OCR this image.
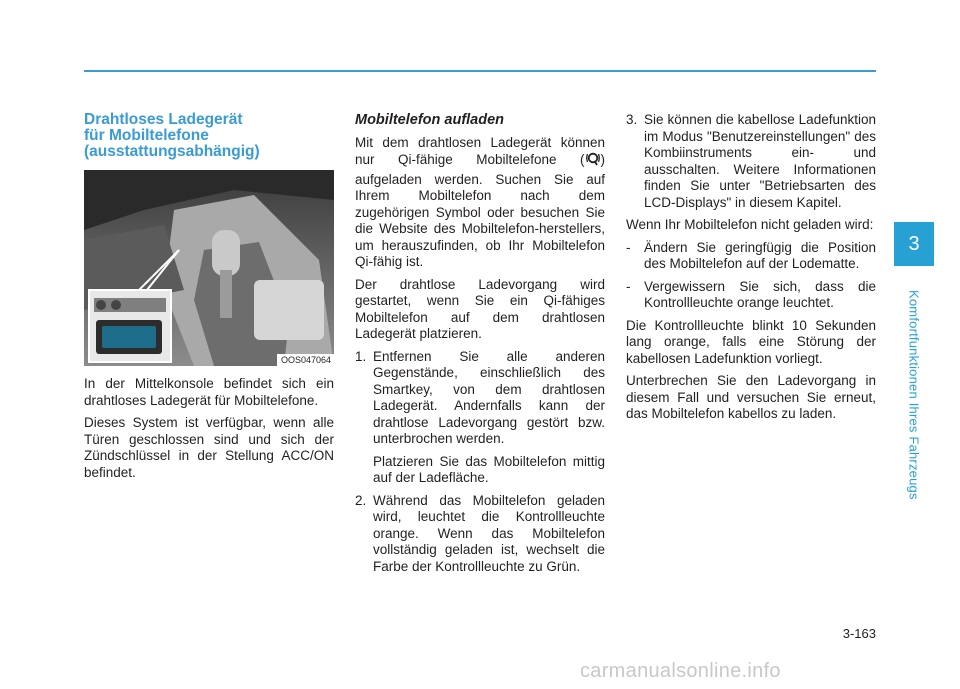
3
Komfortfunktionen Ihres Fahrzeugs
Drahtloses Ladegerät
für Mobiltelefone
(ausstattungsabhängig)
OOS047064

In der Mittelkonsole befindet sich ein drahtloses Ladegerät für Mobiltelefone.

Dieses System ist verfügbar, wenn alle Türen geschlossen sind und sich der Zündschlüssel in der Stellung ACC/ON befindet.

Mobiltelefon aufladen

Mit dem drahtlosen Ladegerät können nur Qi-fähige Mobiltelefone ( ) aufgeladen werden. Suchen Sie auf Ihrem Mobiltelefon nach dem zugehörigen Symbol oder besuchen Sie die Website des Mobiltelefon-herstellers, um herauszufinden, ob Ihr Mobiltelefon Qi-fähig ist.

Der drahtlose Ladevorgang wird gestartet, wenn Sie ein Qi-fähiges Mobiltelefon auf dem drahtlosen Ladegerät platzieren.

1. Entfernen Sie alle anderen Gegenstände, einschließlich des Smartkey, von dem drahtlosen Ladegerät. Andernfalls kann der drahtlose Ladevorgang gestört bzw. unterbrochen werden.

Platzieren Sie das Mobiltelefon mittig auf der Ladefläche.

2. Während das Mobiltelefon geladen wird, leuchtet die Kontrollleuchte orange. Wenn das Mobiltelefon vollständig geladen ist, wechselt die Farbe der Kontrollleuchte zu Grün.
3. Sie können die kabellose Ladefunktion im Modus "Benutzereinstellungen" des Kombiinstruments ein- und ausschalten. Weitere Informationen finden Sie unter "Betriebsarten des LCD-Displays" in diesem Kapitel.

Wenn Ihr Mobiltelefon nicht geladen wird:

-	Ändern Sie geringfügig die Position des Mobiltelefon auf der Lodematte.
-	Vergewissern Sie sich, dass die Kontrollleuchte orange leuchtet.

Die Kontrollleuchte blinkt 10 Sekunden lang orange, falls eine Störung der kabellosen Ladefunktion vorliegt.

Unterbrechen Sie den Ladevorgang in diesem Fall und versuchen Sie erneut, das Mobiltelefon kabellos zu laden.

3-163
carmanualsonline.info
